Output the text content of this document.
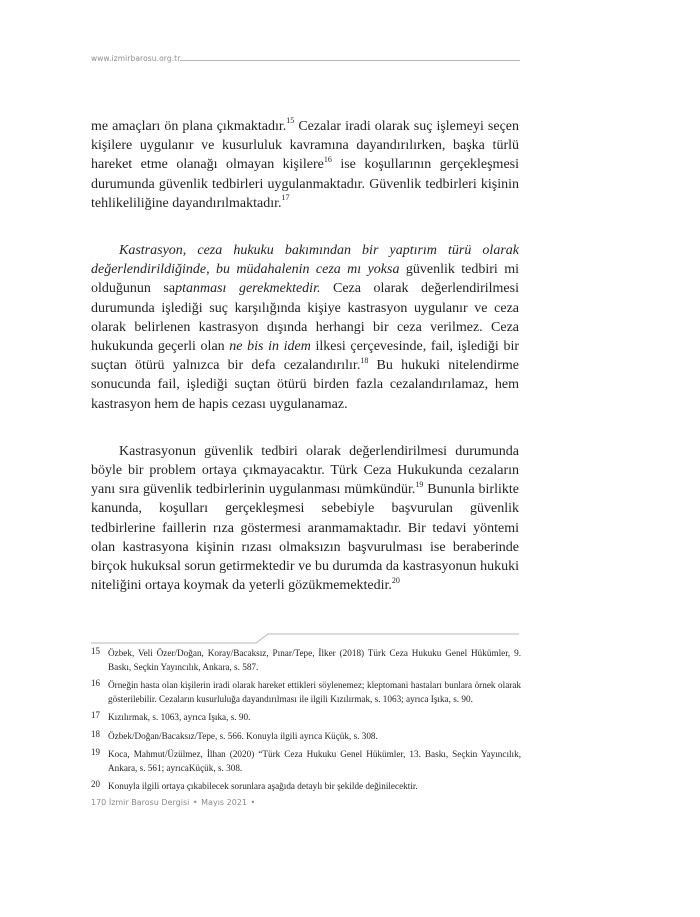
www.izmirbarosu.org.tr

me amaçları ön plana çıkmaktadır.$^{15}$ Cezalar iradi olarak suç işlemeyi seçen kişilere uygulanır ve kusurluluk kavramına dayandırılırken, başka türlü hareket etme olanağı olmayan kişilere$^{16}$ ise koşullarının gerçekleşmesi durumunda güvenlik tedbirleri uygulanmaktadır. Güvenlik tedbirleri kişinin tehlikeliliğine dayandırılmaktadır.$^{17}$

Kastrasyon, ceza hukuku bakımından bir yaptırım türü olarak değerlendirildiğinde, bu müdahalenin ceza mı yoksa güvenlik tedbiri mi olduğunun saptanması gerekmektedir. Ceza olarak değerlendirilmesi durumunda işlediği suç karşılığında kişiye kastrasyon uygulanır ve ceza olarak belirlenen kastrasyon dışında herhangi bir ceza verilmez. Ceza hukukunda geçerli olan ne bis in idem ilkesi çerçevesinde, fail, işlediği bir suçtan ötürü yalnızca bir defa cezalandırılır.$^{18}$ Bu hukuki nitelendirme sonucunda fail, işlediği suçtan ötürü birden fazla cezalandırılamaz, hem kastrasyon hem de hapis cezası uygulanamaz.

Kastrasyonun güvenlik tedbiri olarak değerlendirilmesi durumunda böyle bir problem ortaya çıkmayacaktır. Türk Ceza Hukukunda cezaların yanı sıra güvenlik tedbirlerinin uygulanması mümkündür.$^{19}$ Bununla birlikte kanunda, koşulları gerçekleşmesi sebebiyle başvurulan güvenlik tedbirlerine faillerin rıza göstermesi aranmamaktadır. Bir tedavi yöntemi olan kastrasyona kişinin rızası olmaksızın başvurulması ise beraberinde birçok hukuksal sorun getirmektedir ve bu durumda da kastrasyonun hukuki niteliğini ortaya koymak da yeterli gözükmemektedir.$^{20}$

15 Özbek, Veli Özer/Doğan, Koray/Bacaksız, Pınar/Tepe, İlker (2018) Türk Ceza Hukuku Genel Hükümler, 9. Baskı, Seçkin Yayıncılık, Ankara, s. 587.
16 Örneğin hasta olan kişilerin iradi olarak hareket ettikleri söylenemez; kleptomani hastaları bunlara örnek olarak gösterilebilir. Cezaların kusurluluğa dayandırılması ile ilgili Kızılırmak, s. 1063; ayrıca Işıka, s. 90.
17 Kızılırmak, s. 1063, ayrıca Işıka, s. 90.
18 Özbek/Doğan/Bacaksız/Tepe, s. 566. Konuyla ilgili ayrıca Küçük, s. 308.
19 Koca, Mahmut/Üzülmez, İlhan (2020) “Türk Ceza Hukuku Genel Hükümler, 13. Baskı, Seçkin Yayıncılık, Ankara, s. 561; ayrıcaKüçük, s. 308.
20 Konuyla ilgili ortaya çıkabilecek sorunlara aşağıda detaylı bir şekilde değinilecektir.
170 İzmir Barosu Dergisi • Mayıs 2021 •
